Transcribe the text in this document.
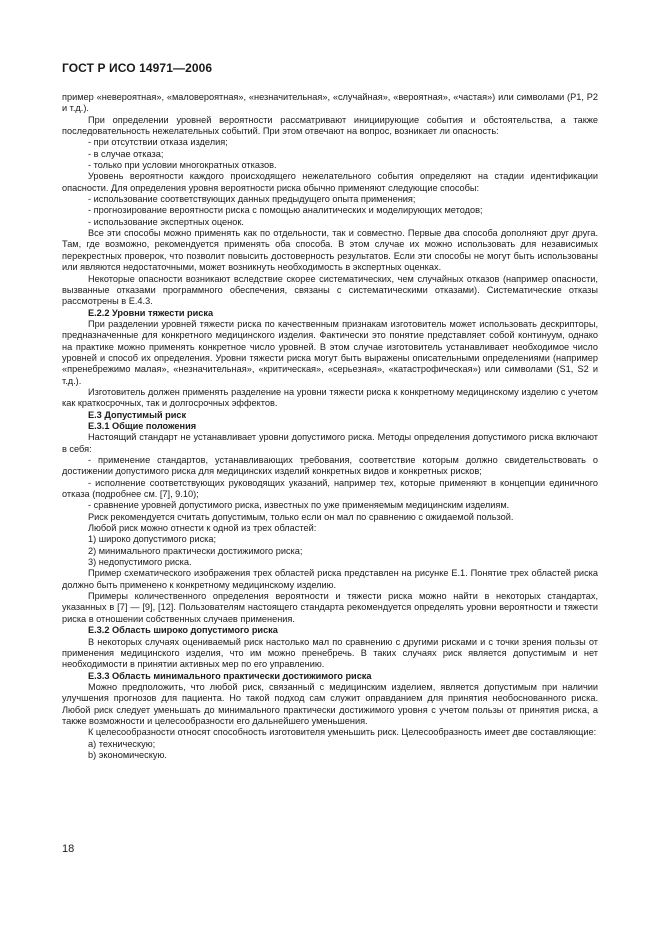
ГОСТ Р ИСО 14971—2006

пример «невероятная», «маловероятная», «незначительная», «случайная», «вероятная», «частая») или символами (Р1, Р2 и т.д.).

При определении уровней вероятности рассматривают инициирующие события и обстоятельства, а также последовательность нежелательных событий. При этом отвечают на вопрос, возникает ли опасность:

- при отсутствии отказа изделия;

- в случае отказа;

- только при условии многократных отказов.

Уровень вероятности каждого происходящего нежелательного события определяют на стадии идентификации опасности. Для определения уровня вероятности риска обычно применяют следующие способы:

- использование соответствующих данных предыдущего опыта применения;

- прогнозирование вероятности риска с помощью аналитических и моделирующих методов;

- использование экспертных оценок.

Все эти способы можно применять как по отдельности, так и совместно. Первые два способа дополняют друг друга. Там, где возможно, рекомендуется применять оба способа. В этом случае их можно использовать для независимых перекрестных проверок, что позволит повысить достоверность результатов. Если эти способы не могут быть использованы или являются недостаточными, может возникнуть необходимость в экспертных оценках.

Некоторые опасности возникают вследствие скорее систематических, чем случайных отказов (например опасности, вызванные отказами программного обеспечения, связаны с систематическими отказами). Систематические отказы рассмотрены в Е.4.3.

Е.2.2 Уровни тяжести риска

При разделении уровней тяжести риска по качественным признакам изготовитель может использовать дескрипторы, предназначенные для конкретного медицинского изделия. Фактически это понятие представляет собой континуум, однако на практике можно применять конкретное число уровней. В этом случае изготовитель устанавливает необходимое число уровней и способ их определения. Уровни тяжести риска могут быть выражены описательными определениями (например «пренебрежимо малая», «незначительная», «критическая», «серьезная», «катастрофическая») или символами (S1, S2 и т.д.).

Изготовитель должен применять разделение на уровни тяжести риска к конкретному медицинскому изделию с учетом как краткосрочных, так и долгосрочных эффектов.

Е.3 Допустимый риск

Е.3.1 Общие положения

Настоящий стандарт не устанавливает уровни допустимого риска. Методы определения допустимого риска включают в себя:

- применение стандартов, устанавливающих требования, соответствие которым должно свидетельствовать о достижении допустимого риска для медицинских изделий конкретных видов и конкретных рисков;

- исполнение соответствующих руководящих указаний, например тех, которые применяют в концепции единичного отказа (подробнее см. [7], 9.10);

- сравнение уровней допустимого риска, известных по уже применяемым медицинским изделиям.

Риск рекомендуется считать допустимым, только если он мал по сравнению с ожидаемой пользой.

Любой риск можно отнести к одной из трех областей:

1) широко допустимого риска;

2) минимального практически достижимого риска;

3) недопустимого риска.

Пример схематического изображения трех областей риска представлен на рисунке Е.1. Понятие трех областей риска должно быть применено к конкретному медицинскому изделию.

Примеры количественного определения вероятности и тяжести риска можно найти в некоторых стандартах, указанных в [7] — [9], [12]. Пользователям настоящего стандарта рекомендуется определять уровни вероятности и тяжести риска в отношении собственных случаев применения.

Е.3.2 Область широко допустимого риска

В некоторых случаях оцениваемый риск настолько мал по сравнению с другими рисками и с точки зрения пользы от применения медицинского изделия, что им можно пренебречь. В таких случаях риск является допустимым и нет необходимости в принятии активных мер по его управлению.

Е.3.3 Область минимального практически достижимого риска

Можно предположить, что любой риск, связанный с медицинским изделием, является допустимым при наличии улучшения прогнозов для пациента. Но такой подход сам служит оправданием для принятия необоснованного риска. Любой риск следует уменьшать до минимального практически достижимого уровня с учетом пользы от принятия риска, а также возможности и целесообразности его дальнейшего уменьшения.

К целесообразности относят способность изготовителя уменьшить риск. Целесообразность имеет две составляющие:

а) техническую;

b) экономическую.

18
